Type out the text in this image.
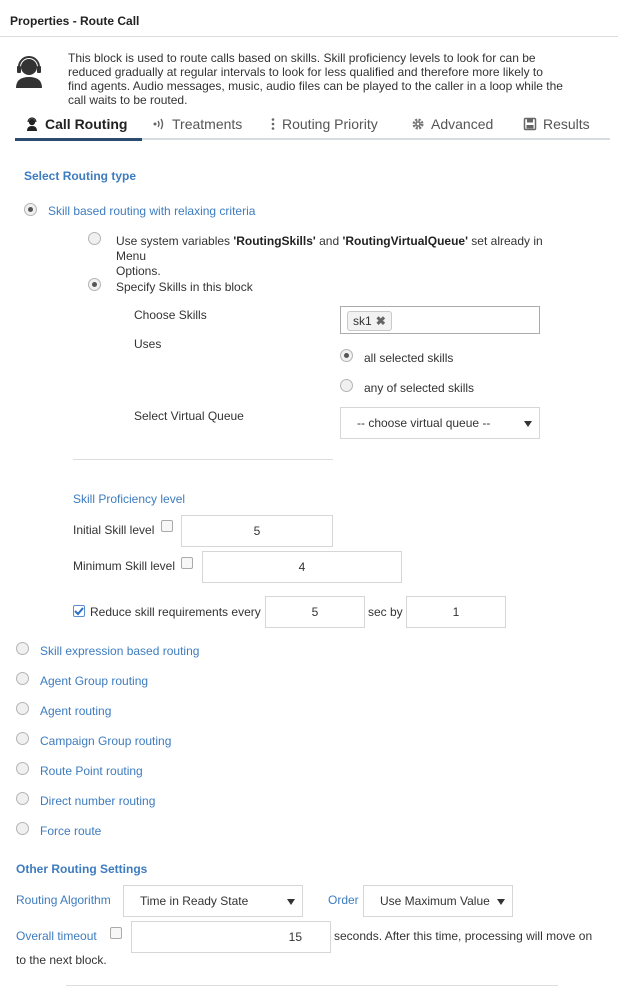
Properties - Route Call
This block is used to route calls based on skills. Skill proficiency levels to look for can be reduced gradually at regular intervals to look for less qualified and therefore more likely to find agents. Audio messages, music, audio files can be played to the caller in a loop while the call waits to be routed.
Call Routing	Treatments	Routing Priority	Advanced	Results
Select Routing type
Skill based routing with relaxing criteria
Use system variables 'RoutingSkills' and 'RoutingVirtualQueue' set already in Menu
Options.
Specify Skills in this block
Choose Skills	sk1 ✖
Uses
all selected skills
any of selected skills
Select Virtual Queue	-- choose virtual queue --
Skill Proficiency level
Initial Skill level	5
Minimum Skill level	4
Reduce skill requirements every	5	sec by	1
Skill expression based routing
Agent Group routing
Agent routing
Campaign Group routing
Route Point routing
Direct number routing
Force route
Other Routing Settings
Routing Algorithm	Time in Ready State	Order	Use Maximum Value
Overall timeout	15	seconds. After this time, processing will move on
to the next block.
